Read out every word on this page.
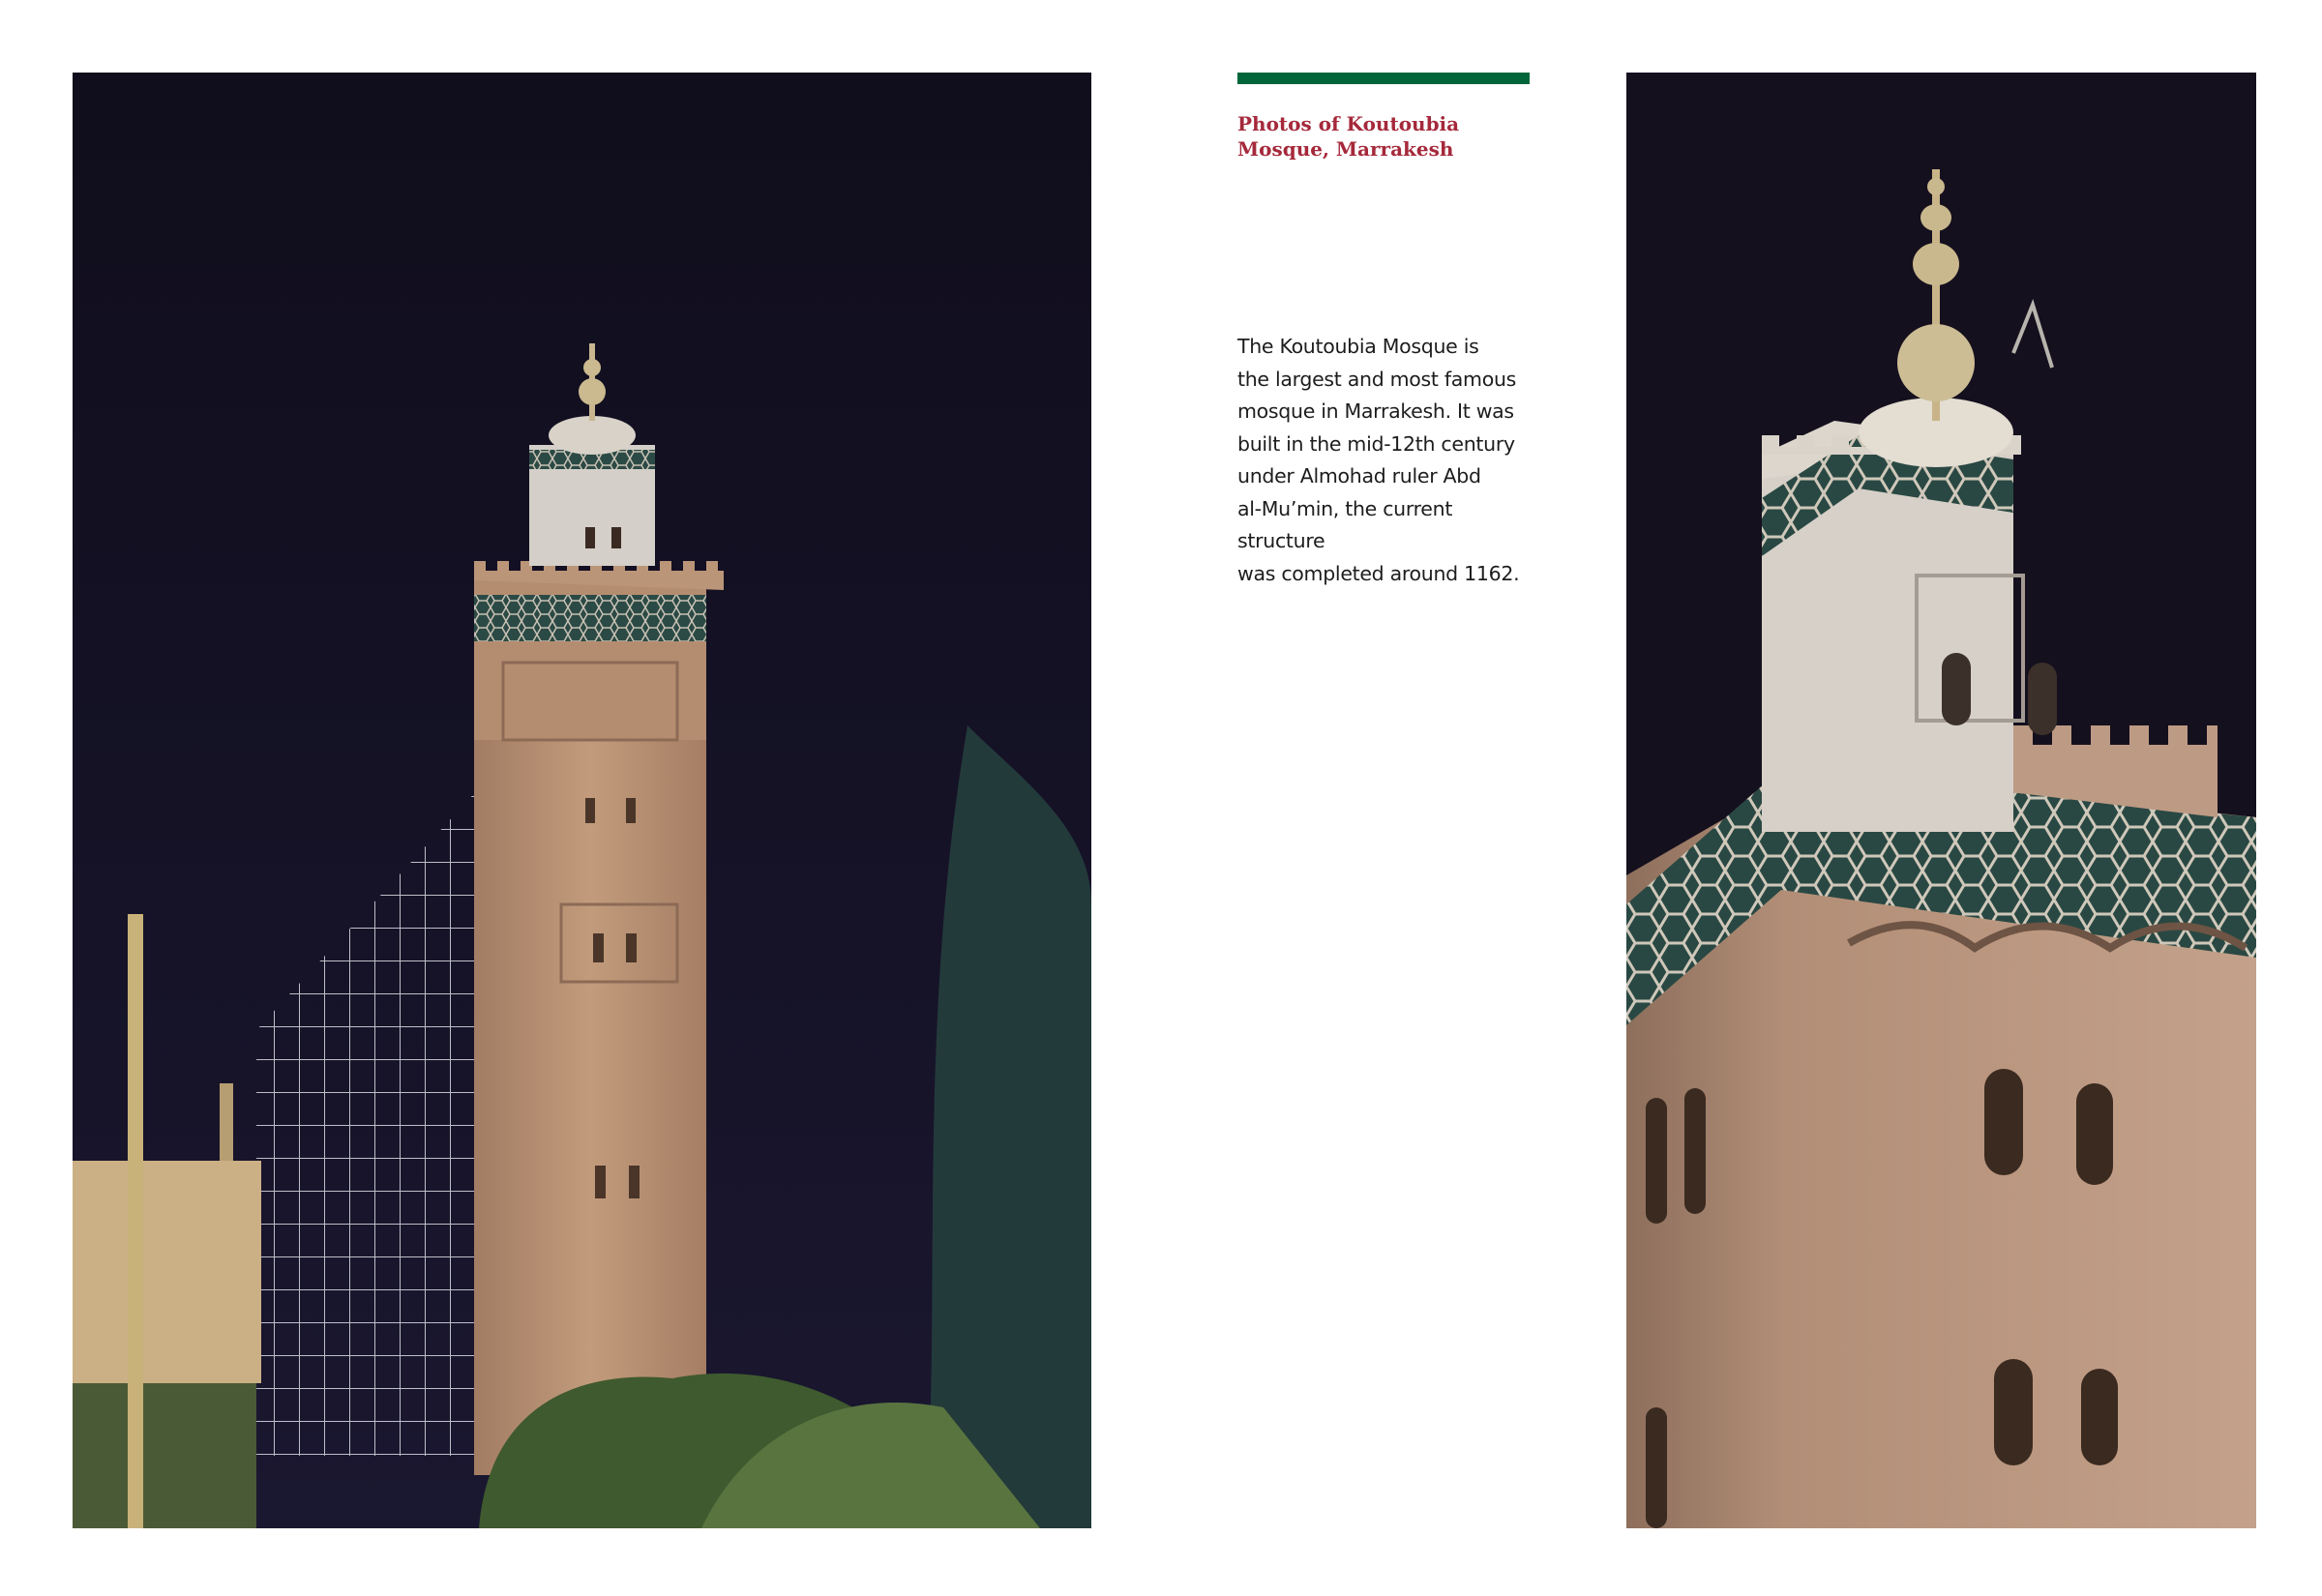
Photos of Koutoubia
Mosque, Marrakesh
The Koutoubia Mosque is
the largest and most famous
mosque in Marrakesh. It was
built in the mid-12th century
under Almohad ruler Abd
al-Mu’min, the current structure
was completed around 1162.
